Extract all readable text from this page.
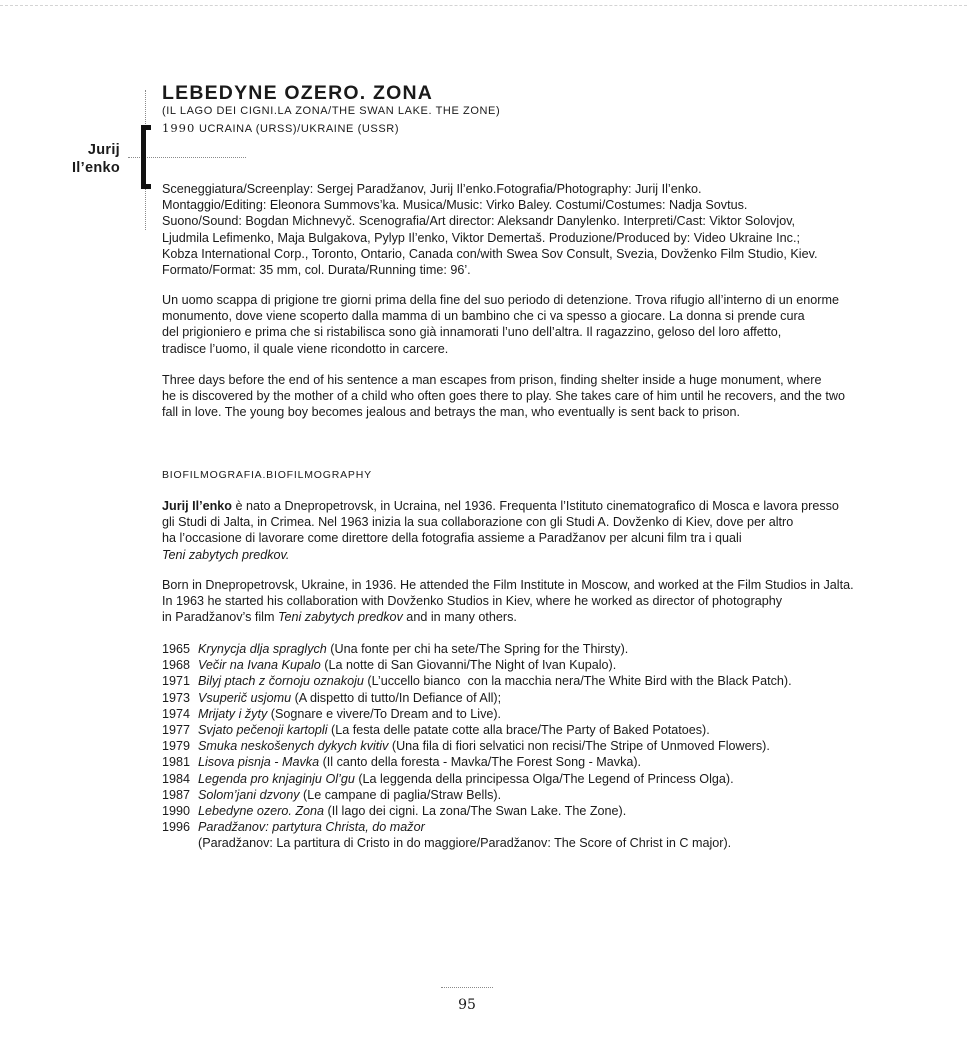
Jurij
Il’enko
LEBEDYNE OZERO. ZONA
(IL LAGO DEI CIGNI.LA ZONA/THE SWAN LAKE. THE ZONE)
1990 UCRAINA (URSS)/UKRAINE (USSR)

Sceneggiatura/Screenplay: Sergej Paradžanov, Jurij Il’enko.Fotografia/Photography: Jurij Il’enko.

Montaggio/Editing: Eleonora Summovs’ka. Musica/Music: Virko Baley. Costumi/Costumes: Nadja Sovtus.

Suono/Sound: Bogdan Michnevyč. Scenografia/Art director: Aleksandr Danylenko. Interpreti/Cast: Viktor Solovjov,

Ljudmila Lefimenko, Maja Bulgakova, Pylyp Il’enko, Viktor Demertaš. Produzione/Produced by: Video Ukraine Inc.;

Kobza International Corp., Toronto, Ontario, Canada con/with Swea Sov Consult, Svezia, Dovženko Film Studio, Kiev.

Formato/Format: 35 mm, col. Durata/Running time: 96’.

Un uomo scappa di prigione tre giorni prima della fine del suo periodo di detenzione. Trova rifugio all’interno di un enorme

monumento, dove viene scoperto dalla mamma di un bambino che ci va spesso a giocare. La donna si prende cura

del prigioniero e prima che si ristabilisca sono già innamorati l’uno dell’altra. Il ragazzino, geloso del loro affetto,

tradisce l’uomo, il quale viene ricondotto in carcere.

Three days before the end of his sentence a man escapes from prison, finding shelter inside a huge monument, where

he is discovered by the mother of a child who often goes there to play. She takes care of him until he recovers, and the two

fall in love. The young boy becomes jealous and betrays the man, who eventually is sent back to prison.

BIOFILMOGRAFIA.BIOFILMOGRAPHY

Jurij Il’enko è nato a Dnepropetrovsk, in Ucraina, nel 1936. Frequenta l’Istituto cinematografico di Mosca e lavora presso

gli Studi di Jalta, in Crimea. Nel 1963 inizia la sua collaborazione con gli Studi A. Dovženko di Kiev, dove per altro

ha l’occasione di lavorare come direttore della fotografia assieme a Paradžanov per alcuni film tra i quali

Teni zabytych predkov.

Born in Dnepropetrovsk, Ukraine, in 1936. He attended the Film Institute in Moscow, and worked at the Film Studios in Jalta.

In 1963 he started his collaboration with Dovženko Studios in Kiev, where he worked as director of photography

in Paradžanov’s film Teni zabytych predkov and in many others.

1965 Krynycja dlja spraglych (Una fonte per chi ha sete/The Spring for the Thirsty).
1968 Večir na Ivana Kupalo (La notte di San Giovanni/The Night of Ivan Kupalo).
1971 Bilyj ptach z čornoju oznakoju (L’uccello bianco  con la macchia nera/The White Bird with the Black Patch).
1973 Vsuperič usjomu (A dispetto di tutto/In Defiance of All);
1974 Mrijaty i žyty (Sognare e vivere/To Dream and to Live).
1977 Svjato pečenoji kartopli (La festa delle patate cotte alla brace/The Party of Baked Potatoes).
1979 Smuka neskošenych dykych kvitiv (Una fila di fiori selvatici non recisi/The Stripe of Unmoved Flowers).
1981 Lisova pisnja - Mavka (Il canto della foresta - Mavka/The Forest Song - Mavka).
1984 Legenda pro knjaginju Ol’gu (La leggenda della principessa Olga/The Legend of Princess Olga).
1987 Solom’jani dzvony (Le campane di paglia/Straw Bells).
1990 Lebedyne ozero. Zona (Il lago dei cigni. La zona/The Swan Lake. The Zone).
1996 Paradžanov: partytura Christa, do mažor
(Paradžanov: La partitura di Cristo in do maggiore/Paradžanov: The Score of Christ in C major).
95
